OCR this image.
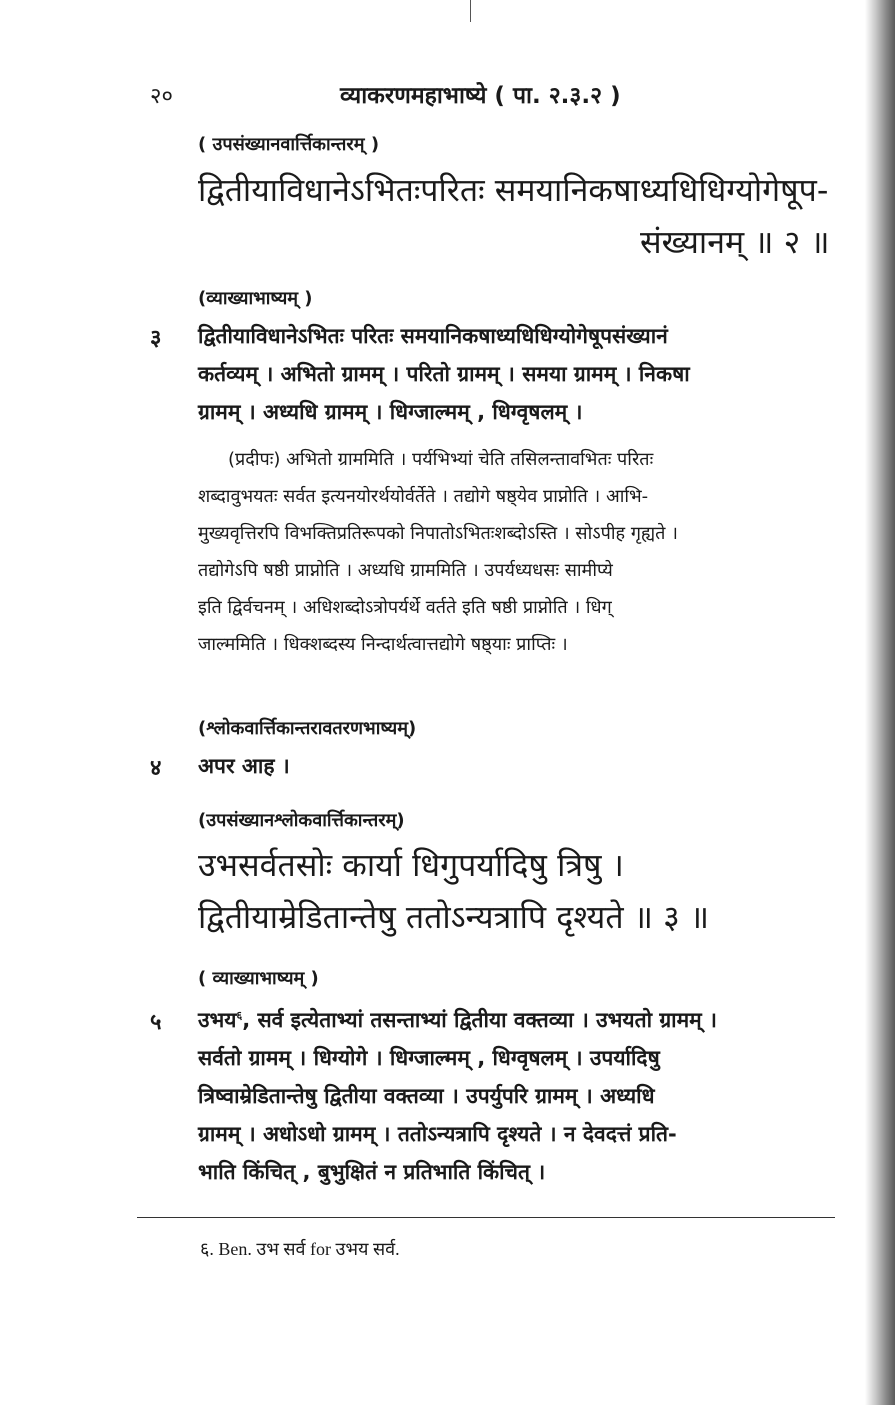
२०	व्याकरणमहाभाष्ये ( पा. २.३.२ )
( उपसंख्यानवार्त्तिकान्तरम् )
द्वितीयाविधानेऽभितःपरितः समयानिकषाध्यधिधिग्योगेषूप-
संख्यानम् ॥ २ ॥
(व्याख्याभाष्यम् )
३ द्वितीयाविधानेऽभितः परितः समयानिकषाध्यधिधिग्योगेषूपसंख्यानं
कर्तव्यम् । अभितो ग्रामम् । परितो ग्रामम् । समया ग्रामम् । निकषा
ग्रामम् । अध्यधि ग्रामम् । धिग्जाल्मम् , धिग्वृषलम् ।
(प्रदीपः) अभितो ग्राममिति । पर्यभिभ्यां चेति तसिलन्तावभितः परितः
शब्दावुभयतः सर्वत इत्यनयोरर्थयोर्वर्तेते । तद्योगे षष्ठ्येव प्राप्नोति । आभि-
मुख्यवृत्तिरपि विभक्तिप्रतिरूपको निपातोऽभितःशब्दोऽस्ति । सोऽपीह गृह्यते ।
तद्योगेऽपि षष्ठी प्राप्नोति । अध्यधि ग्राममिति । उपर्यध्यधसः सामीप्ये
इति द्विर्वचनम् । अधिशब्दोऽत्रोपर्यर्थे वर्तते इति षष्ठी प्राप्नोति । धिग्
जाल्ममिति । धिक्शब्दस्य निन्दार्थत्वात्तद्योगे षष्ठ्याः प्राप्तिः ।
(श्लोकवार्त्तिकान्तरावतरणभाष्यम्)
४ अपर आह ।
(उपसंख्यानश्लोकवार्त्तिकान्तरम्)
उभसर्वतसोः कार्या धिगुपर्यादिषु त्रिषु ।
द्वितीयाम्रेडितान्तेषु ततोऽन्यत्रापि दृश्यते ॥ ३ ॥
( व्याख्याभाष्यम् )
५ उभय$^६$, सर्व इत्येताभ्यां तसन्ताभ्यां द्वितीया वक्तव्या । उभयतो ग्रामम् ।
सर्वतो ग्रामम् । धिग्योगे । धिग्जाल्मम् , धिग्वृषलम् । उपर्यादिषु
त्रिष्वाम्रेडितान्तेषु द्वितीया वक्तव्या । उपर्युपरि ग्रामम् । अध्यधि
ग्रामम् । अधोऽधो ग्रामम् । ततोऽन्यत्रापि दृश्यते । न देवदत्तं प्रति-
भाति किंचित् , बुभुक्षितं न प्रतिभाति किंचित् ।
६. Ben. उभ सर्व for उभय सर्व.
